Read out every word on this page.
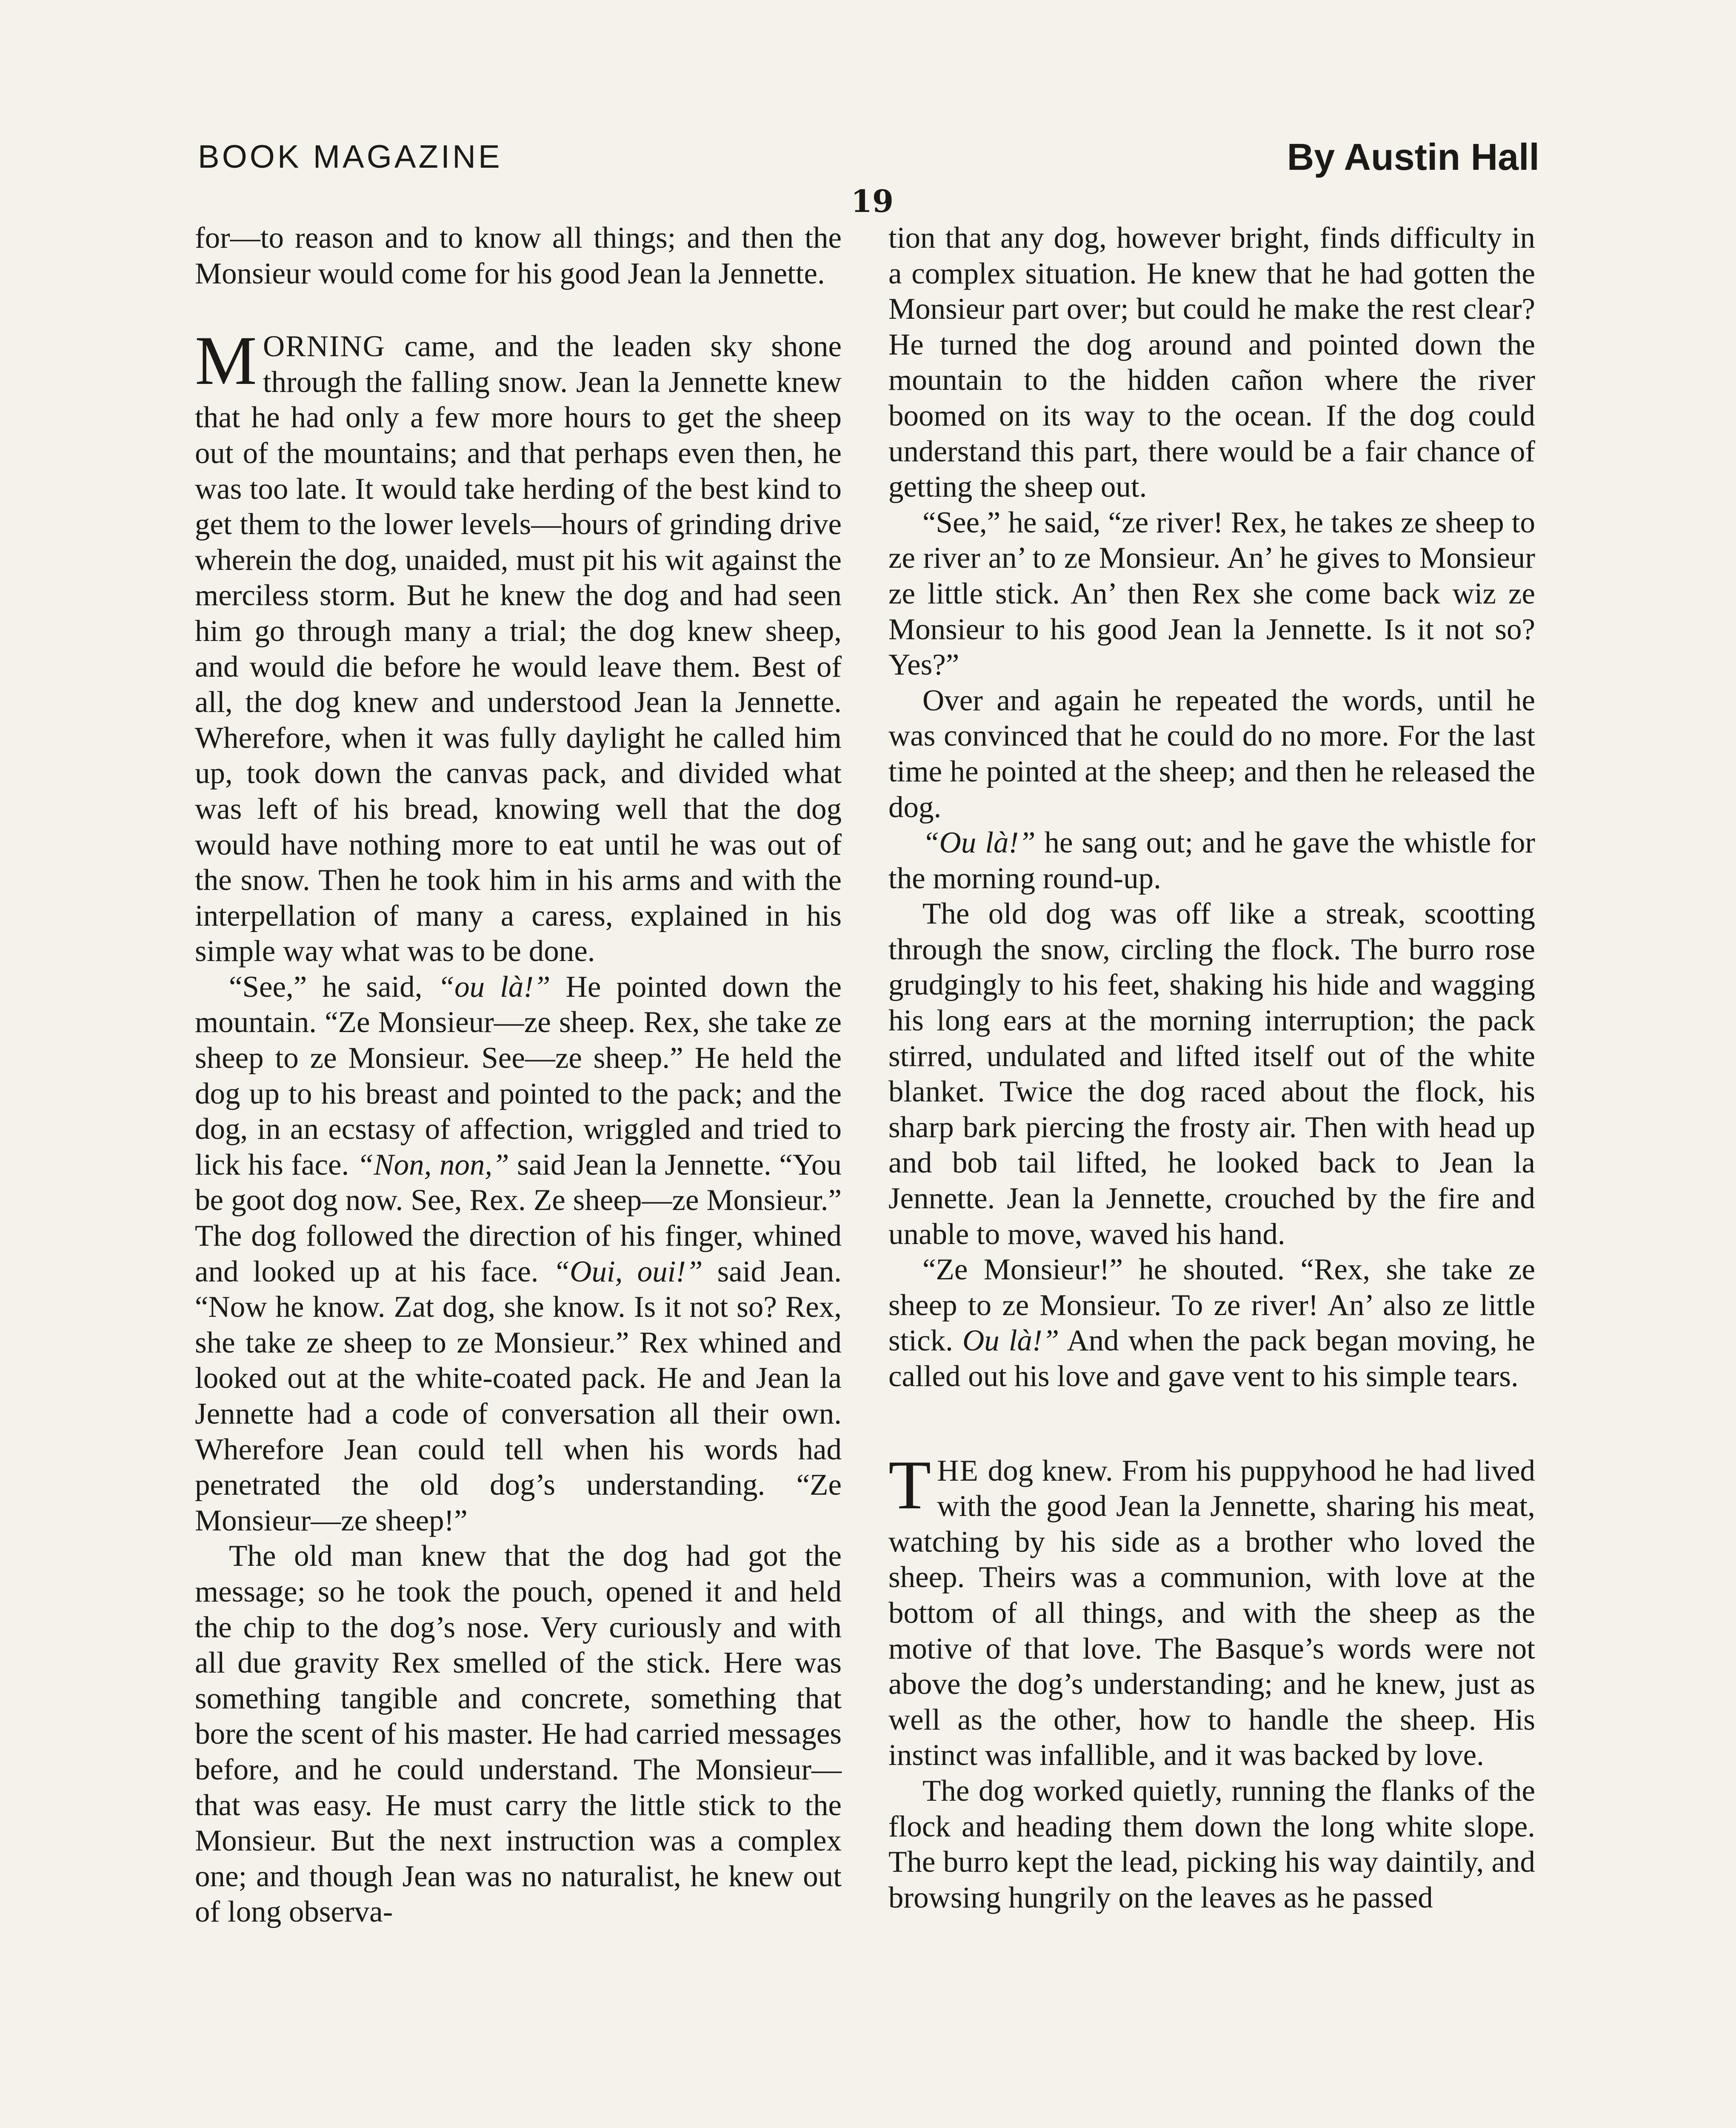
BOOK MAGAZINE	By Austin Hall
19

for—to reason and to know all things; and then the Monsieur would come for his good Jean la Jennette.

MORNING came, and the leaden sky shone through the falling snow. Jean la Jennette knew that he had only a few more hours to get the sheep out of the mountains; and that perhaps even then, he was too late. It would take herding of the best kind to get them to the lower levels—hours of grinding drive wherein the dog, unaided, must pit his wit against the merciless storm. But he knew the dog and had seen him go through many a trial; the dog knew sheep, and would die before he would leave them. Best of all, the dog knew and understood Jean la Jennette. Wherefore, when it was fully daylight he called him up, took down the canvas pack, and divided what was left of his bread, knowing well that the dog would have nothing more to eat until he was out of the snow. Then he took him in his arms and with the interpellation of many a caress, explained in his simple way what was to be done.

“See,” he said, “ou là!” He pointed down the mountain. “Ze Monsieur—ze sheep. Rex, she take ze sheep to ze Monsieur. See—ze sheep.” He held the dog up to his breast and pointed to the pack; and the dog, in an ecstasy of affection, wriggled and tried to lick his face. “Non, non,” said Jean la Jennette. “You be goot dog now. See, Rex. Ze sheep—ze Monsieur.” The dog followed the direction of his finger, whined and looked up at his face. “Oui, oui!” said Jean. “Now he know. Zat dog, she know. Is it not so? Rex, she take ze sheep to ze Monsieur.” Rex whined and looked out at the white-coated pack. He and Jean la Jennette had a code of conversation all their own. Wherefore Jean could tell when his words had penetrated the old dog’s understanding. “Ze Monsieur—ze sheep!”

The old man knew that the dog had got the message; so he took the pouch, opened it and held the chip to the dog’s nose. Very curiously and with all due gravity Rex smelled of the stick. Here was something tangible and concrete, something that bore the scent of his master. He had carried messages before, and he could understand. The Monsieur—that was easy. He must carry the little stick to the Monsieur. But the next instruction was a complex one; and though Jean was no naturalist, he knew out of long observa-

tion that any dog, however bright, finds difficulty in a complex situation. He knew that he had gotten the Monsieur part over; but could he make the rest clear? He turned the dog around and pointed down the mountain to the hidden cañon where the river boomed on its way to the ocean. If the dog could understand this part, there would be a fair chance of getting the sheep out.

“See,” he said, “ze river! Rex, he takes ze sheep to ze river an’ to ze Monsieur. An’ he gives to Monsieur ze little stick. An’ then Rex she come back wiz ze Monsieur to his good Jean la Jennette. Is it not so? Yes?”

Over and again he repeated the words, until he was convinced that he could do no more. For the last time he pointed at the sheep; and then he released the dog.

“Ou là!” he sang out; and he gave the whistle for the morning round-up.

The old dog was off like a streak, scootting through the snow, circling the flock. The burro rose grudgingly to his feet, shaking his hide and wagging his long ears at the morning interruption; the pack stirred, undulated and lifted itself out of the white blanket. Twice the dog raced about the flock, his sharp bark piercing the frosty air. Then with head up and bob tail lifted, he looked back to Jean la Jennette. Jean la Jennette, crouched by the fire and unable to move, waved his hand.

“Ze Monsieur!” he shouted. “Rex, she take ze sheep to ze Monsieur. To ze river! An’ also ze little stick. Ou là!” And when the pack began moving, he called out his love and gave vent to his simple tears.

THE dog knew. From his puppyhood he had lived with the good Jean la Jennette, sharing his meat, watching by his side as a brother who loved the sheep. Theirs was a communion, with love at the bottom of all things, and with the sheep as the motive of that love. The Basque’s words were not above the dog’s understanding; and he knew, just as well as the other, how to handle the sheep. His instinct was infallible, and it was backed by love.

The dog worked quietly, running the flanks of the flock and heading them down the long white slope. The burro kept the lead, picking his way daintily, and browsing hungrily on the leaves as he passed
